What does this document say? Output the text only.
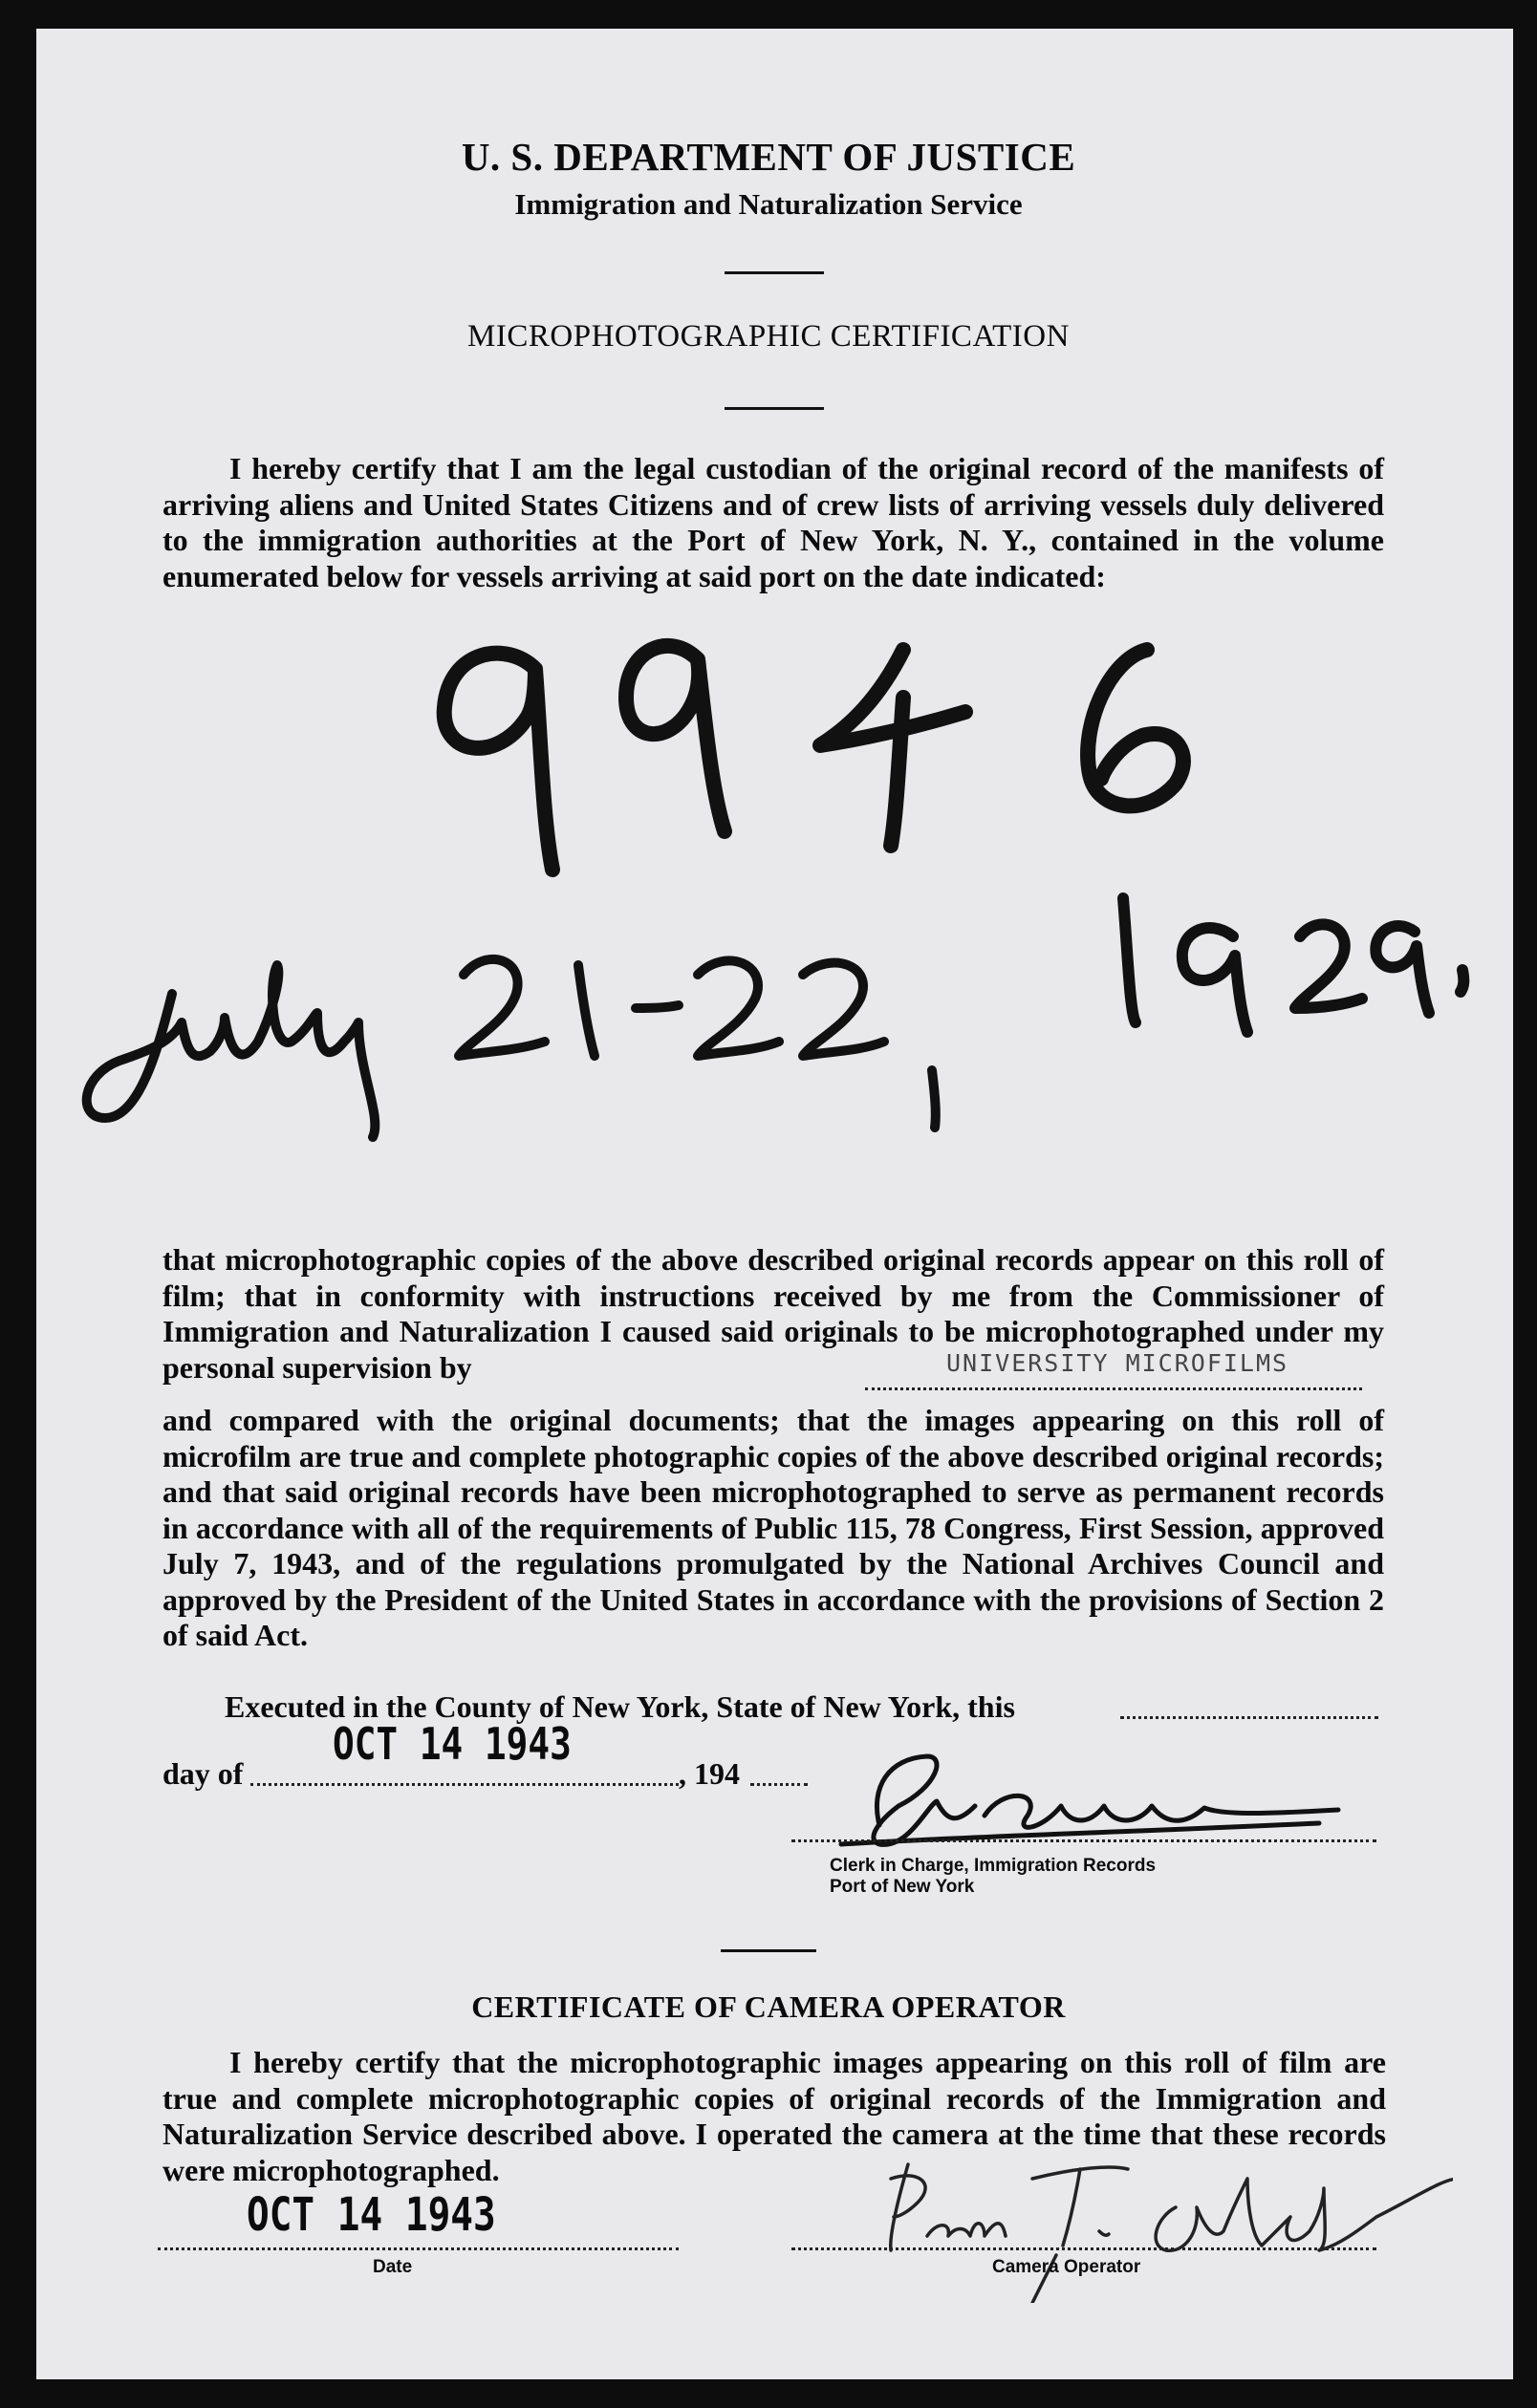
U. S. DEPARTMENT OF JUSTICE
Immigration and Naturalization Service
MICROPHOTOGRAPHIC CERTIFICATION

I hereby certify that I am the legal custodian of the original record of the manifests of arriving aliens and United States Citizens and of crew lists of arriving vessels duly delivered to the immigration authorities at the Port of New York, N. Y., contained in the volume enumerated below for vessels arriving at said port on the date indicated:

that microphotographic copies of the above described original records appear on this roll of film; that in conformity with instructions received by me from the Commissioner of Immigration and Naturalization I caused said originals to be microphotographed under my personal supervision by	UNIVERSITY MICROFILMS

and compared with the original documents; that the images appearing on this roll of microfilm are true and complete photographic copies of the above described original records; and that said original records have been microphotographed to serve as permanent records in accordance with all of the requirements of Public 115, 78 Congress, First Session, approved July 7, 1943, and of the regulations promulgated by the National Archives Council and approved by the President of the United States in accordance with the provisions of Section 2 of said Act.

Executed in the County of New York, State of New York, this
day of
OCT 14 1943
, 194
Clerk in Charge, Immigration Records
Port of New York
CERTIFICATE OF CAMERA OPERATOR

I hereby certify that the microphotographic images appearing on this roll of film are true and complete microphotographic copies of original records of the Immigration and Naturalization Service described above. I operated the camera at the time that these records were microphotographed.

OCT 14 1943
Date	Camera Operator
